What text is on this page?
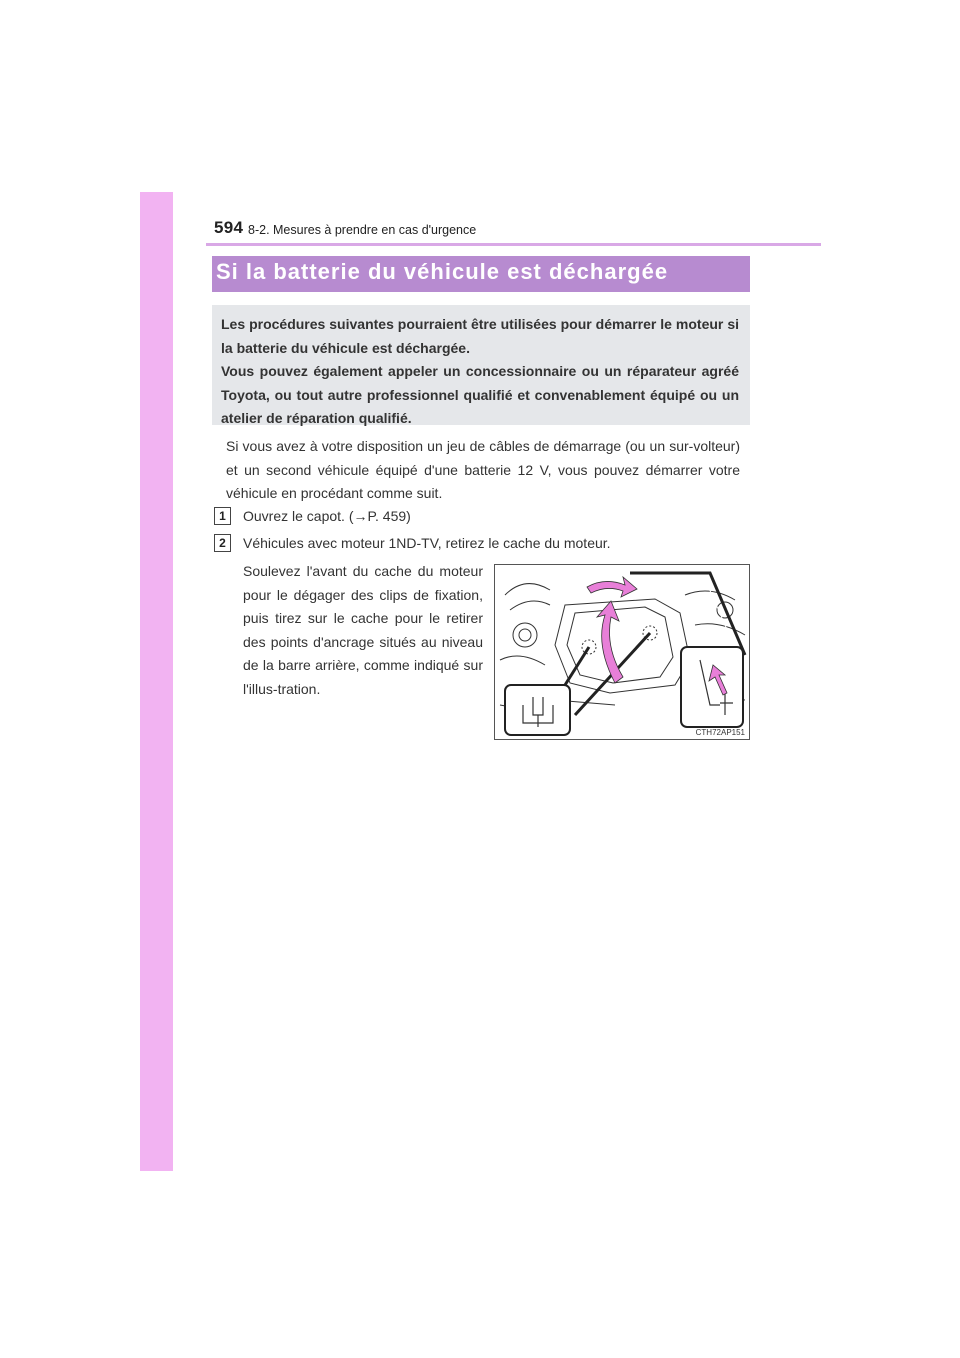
594 8-2. Mesures à prendre en cas d'urgence
Si la batterie du véhicule est déchargée

Les procédures suivantes pourraient être utilisées pour démarrer le moteur si la batterie du véhicule est déchargée.

Vous pouvez également appeler un concessionnaire ou un réparateur agréé Toyota, ou tout autre professionnel qualifié et convenablement équipé ou un atelier de réparation qualifié.

Si vous avez à votre disposition un jeu de câbles de démarrage (ou un sur-volteur) et un second véhicule équipé d'une batterie 12 V, vous pouvez démarrer votre véhicule en procédant comme suit.
1	Ouvrez le capot. (→P. 459)
2	Véhicules avec moteur 1ND-TV, retirez le cache du moteur.
Soulevez l'avant du cache du moteur pour le dégager des clips de fixation, puis tirez sur le cache pour le retirer des points d'ancrage situés au niveau de la barre arrière, comme indiqué sur l'illus-tration.
CTH72AP151
